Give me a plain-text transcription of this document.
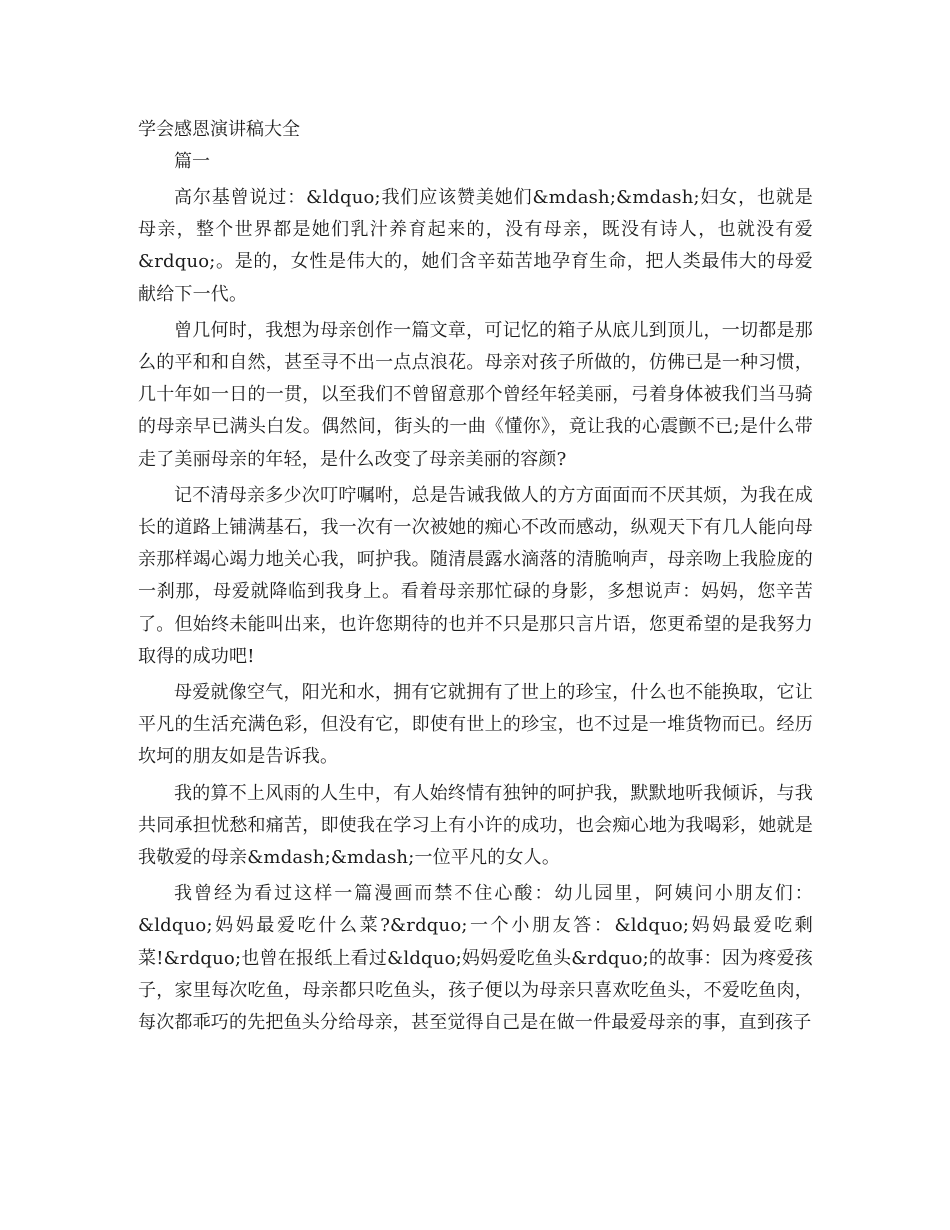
学会感恩演讲稿大全
篇一

高尔基曾说过：&ldquo;我们应该赞美她们&mdash;&mdash;妇女，也就是母亲，整个世界都是她们乳汁养育起来的，没有母亲，既没有诗人，也就没有爱&rdquo;。是的，女性是伟大的，她们含辛茹苦地孕育生命，把人类最伟大的母爱献给下一代。

曾几何时，我想为母亲创作一篇文章，可记忆的箱子从底儿到顶儿，一切都是那么的平和和自然，甚至寻不出一点点浪花。母亲对孩子所做的，仿佛已是一种习惯，几十年如一日的一贯，以至我们不曾留意那个曾经年轻美丽，弓着身体被我们当马骑的母亲早已满头白发。偶然间，街头的一曲《懂你》，竟让我的心震颤不已;是什么带走了美丽母亲的年轻，是什么改变了母亲美丽的容颜?

记不清母亲多少次叮咛嘱咐，总是告诫我做人的方方面面而不厌其烦，为我在成长的道路上铺满基石，我一次有一次被她的痴心不改而感动，纵观天下有几人能向母亲那样竭心竭力地关心我，呵护我。随清晨露水滴落的清脆响声，母亲吻上我脸庞的一刹那，母爱就降临到我身上。看着母亲那忙碌的身影，多想说声：妈妈，您辛苦了。但始终未能叫出来，也许您期待的也并不只是那只言片语，您更希望的是我努力取得的成功吧!

母爱就像空气，阳光和水，拥有它就拥有了世上的珍宝，什么也不能换取，它让平凡的生活充满色彩，但没有它，即使有世上的珍宝，也不过是一堆货物而已。经历坎坷的朋友如是告诉我。

我的算不上风雨的人生中，有人始终情有独钟的呵护我，默默地听我倾诉，与我共同承担忧愁和痛苦，即使我在学习上有小许的成功，也会痴心地为我喝彩，她就是我敬爱的母亲&mdash;&mdash;一位平凡的女人。

我曾经为看过这样一篇漫画而禁不住心酸：幼儿园里，阿姨问小朋友们：&ldquo;妈妈最爱吃什么菜?&rdquo;一个小朋友答：&ldquo;妈妈最爱吃剩菜!&rdquo;也曾在报纸上看过&ldquo;妈妈爱吃鱼头&rdquo;的故事：因为疼爱孩子，家里每次吃鱼，母亲都只吃鱼头，孩子便以为母亲只喜欢吃鱼头，不爱吃鱼肉，每次都乖巧的先把鱼头分给母亲，甚至觉得自己是在做一件最爱母亲的事，直到孩子
